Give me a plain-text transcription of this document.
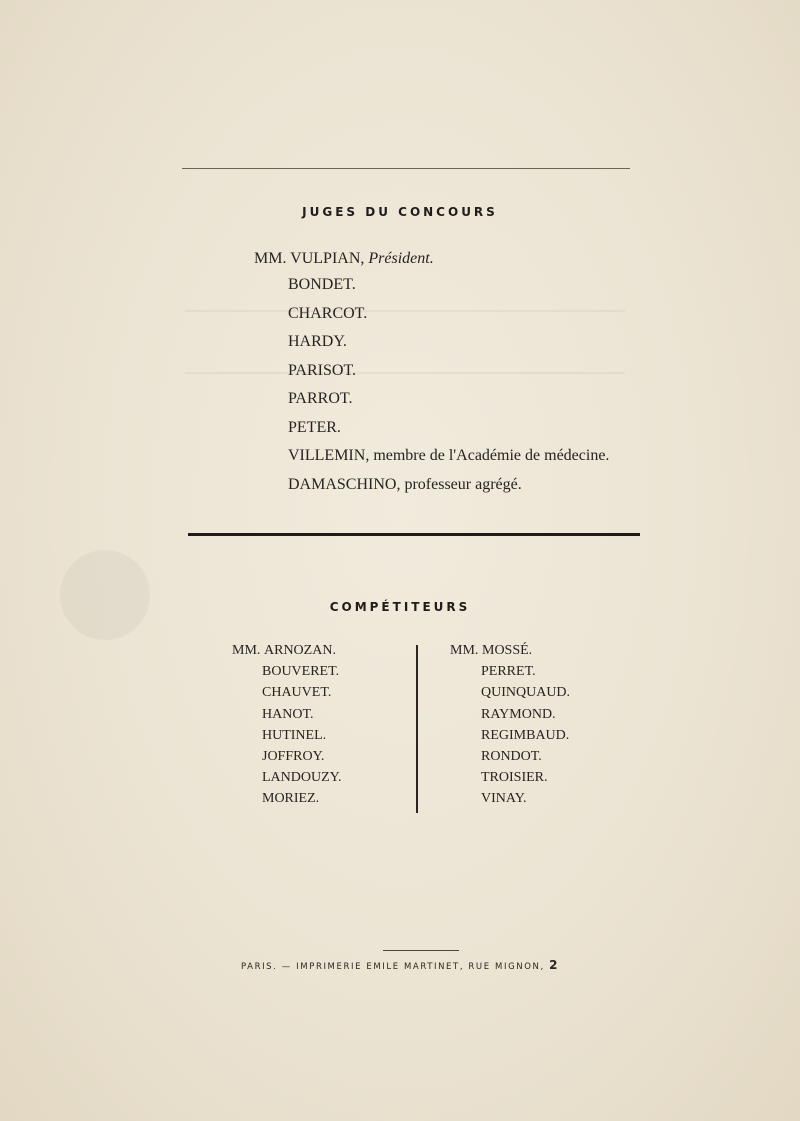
JUGES DU CONCOURS
MM. VULPIAN, Président.
BONDET.
CHARCOT.
HARDY.
PARISOT.
PARROT.
PETER.
VILLEMIN, membre de l'Académie de médecine.
DAMASCHINO, professeur agrégé.
COMPÉTITEURS
MM. ARNOZAN.
BOUVERET.
CHAUVET.
HANOT.
HUTINEL.
JOFFROY.
LANDOUZY.
MORIEZ.
MM. MOSSÉ.
PERRET.
QUINQUAUD.
RAYMOND.
REGIMBAUD.
RONDOT.
TROISIER.
VINAY.
PARIS. — IMPRIMERIE EMILE MARTINET, RUE MIGNON, 2
